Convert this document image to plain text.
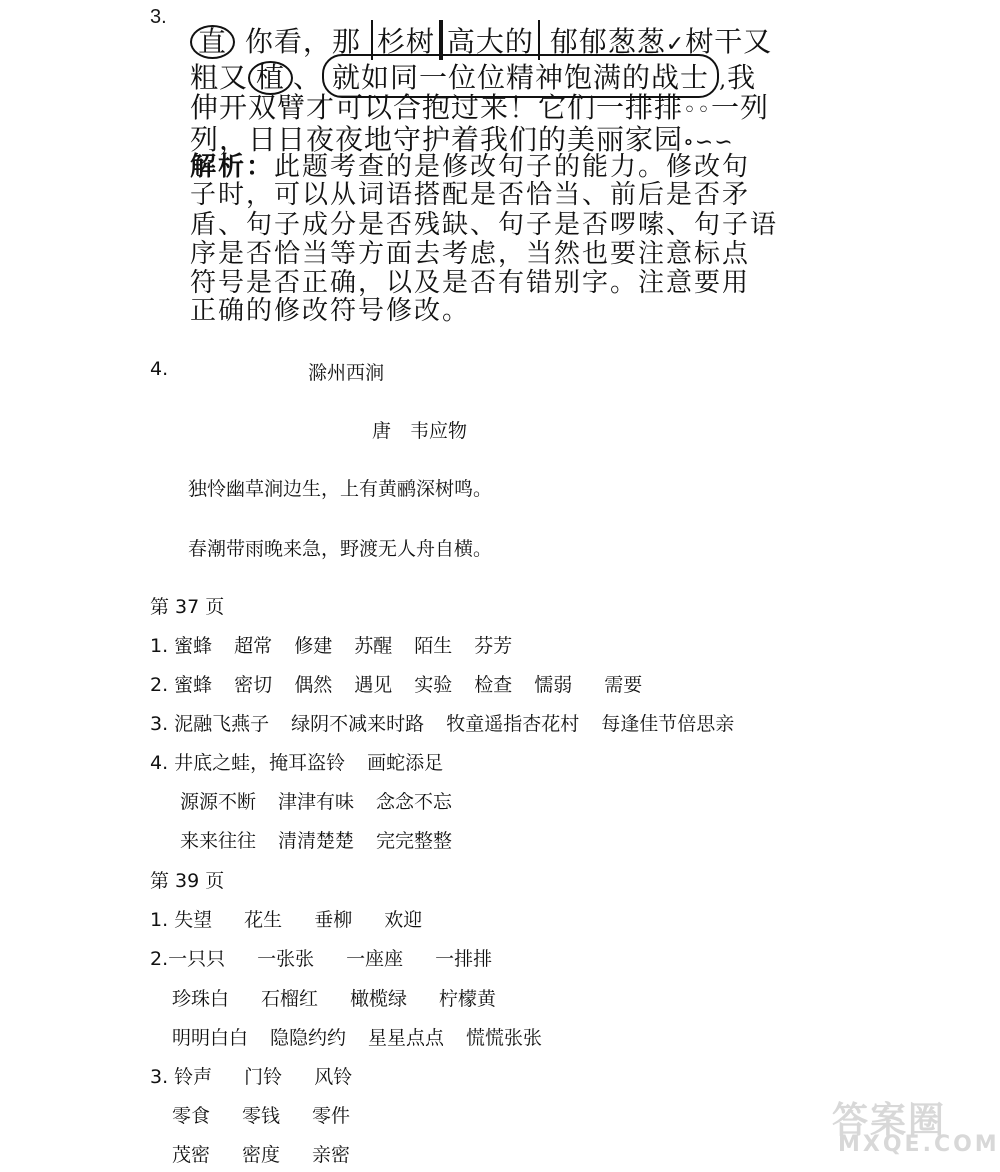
3.
直 你看，那 杉树 高大的 郁郁葱葱✓树干又
粗又 植 、 就如同一位位精神饱满的战士 ,我
伸开双臂才可以合抱过来！它们一排排◦◦一列
列，日日夜夜地守护着我们的美丽家园∘∽∽
解析：此题考查的是修改句子的能力。修改句
子时，可以从词语搭配是否恰当、前后是否矛
盾、句子成分是否残缺、句子是否啰嗦、句子语
序是否恰当等方面去考虑，当然也要注意标点
符号是否正确，以及是否有错别字。注意要用
正确的修改符号修改。
4.	滁州西涧
唐　韦应物
独怜幽草涧边生，上有黄鹂深树鸣。
春潮带雨晚来急，野渡无人舟自横。
第 37 页
1. 蜜蜂 超常 修建 苏醒 陌生 芬芳
2. 蜜蜂 密切 偶然 遇见 实验 检查 懦弱 需要
3. 泥融飞燕子 绿阴不减来时路 牧童遥指杏花村 每逢佳节倍思亲
4. 井底之蛙，掩耳盗铃 画蛇添足
源源不断 津津有味 念念不忘
来来往往 清清楚楚 完完整整
第 39 页
1. 失望 花生 垂柳 欢迎
2.一只只 一张张 一座座 一排排
珍珠白 石榴红 橄榄绿 柠檬黄
明明白白 隐隐约约 星星点点 慌慌张张
3. 铃声 门铃 风铃
零食 零钱 零件
茂密 密度 亲密
答案圈
MXQE.COM
